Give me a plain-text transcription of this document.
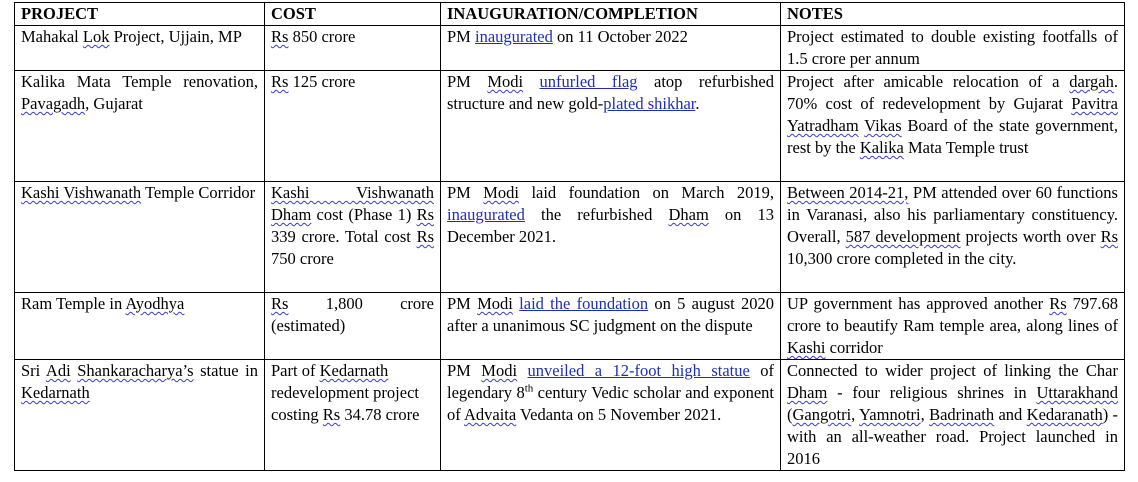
PROJECT	COST	INAUGURATION/COMPLETION	NOTES
Mahakal Lok Project, Ujjain, MP	Rs 850 crore	PM inaugurated on 11 October 2022	Project estimated to double existing footfalls of 1.5 crore per annum
Kalika Mata Temple renovation, Pavagadh, Gujarat	Rs 125 crore	PM Modi unfurled flag atop refurbished structure and new gold-plated shikhar.	Project after amicable relocation of a dargah. 70% cost of redevelopment by Gujarat Pavitra Yatradham Vikas Board of the state government, rest by the Kalika Mata Temple trust
Kashi Vishwanath Temple Corridor	Kashi Vishwanath Dham cost (Phase 1) Rs 339 crore. Total cost Rs 750 crore	PM Modi laid foundation on March 2019, inaugurated the refurbished Dham on 13 December 2021.	Between 2014-21, PM attended over 60 functions in Varanasi, also his parliamentary constituency. Overall, 587 development projects worth over Rs 10,300 crore completed in the city.
Ram Temple in Ayodhya	Rs 1,800 crore (estimated)	PM Modi laid the foundation on 5 august 2020 after a unanimous SC judgment on the dispute	UP government has approved another Rs 797.68 crore to beautify Ram temple area, along lines of Kashi corridor
Sri Adi Shankaracharya’s statue in Kedarnath	Part of Kedarnath redevelopment project costing Rs 34.78 crore	PM Modi unveiled a 12-foot high statue of legendary 8th century Vedic scholar and exponent of Advaita Vedanta on 5 November 2021.	Connected to wider project of linking the Char Dham - four religious shrines in Uttarakhand (Gangotri, Yamnotri, Badrinath and Kedaranath) - with an all-weather road. Project launched in 2016
